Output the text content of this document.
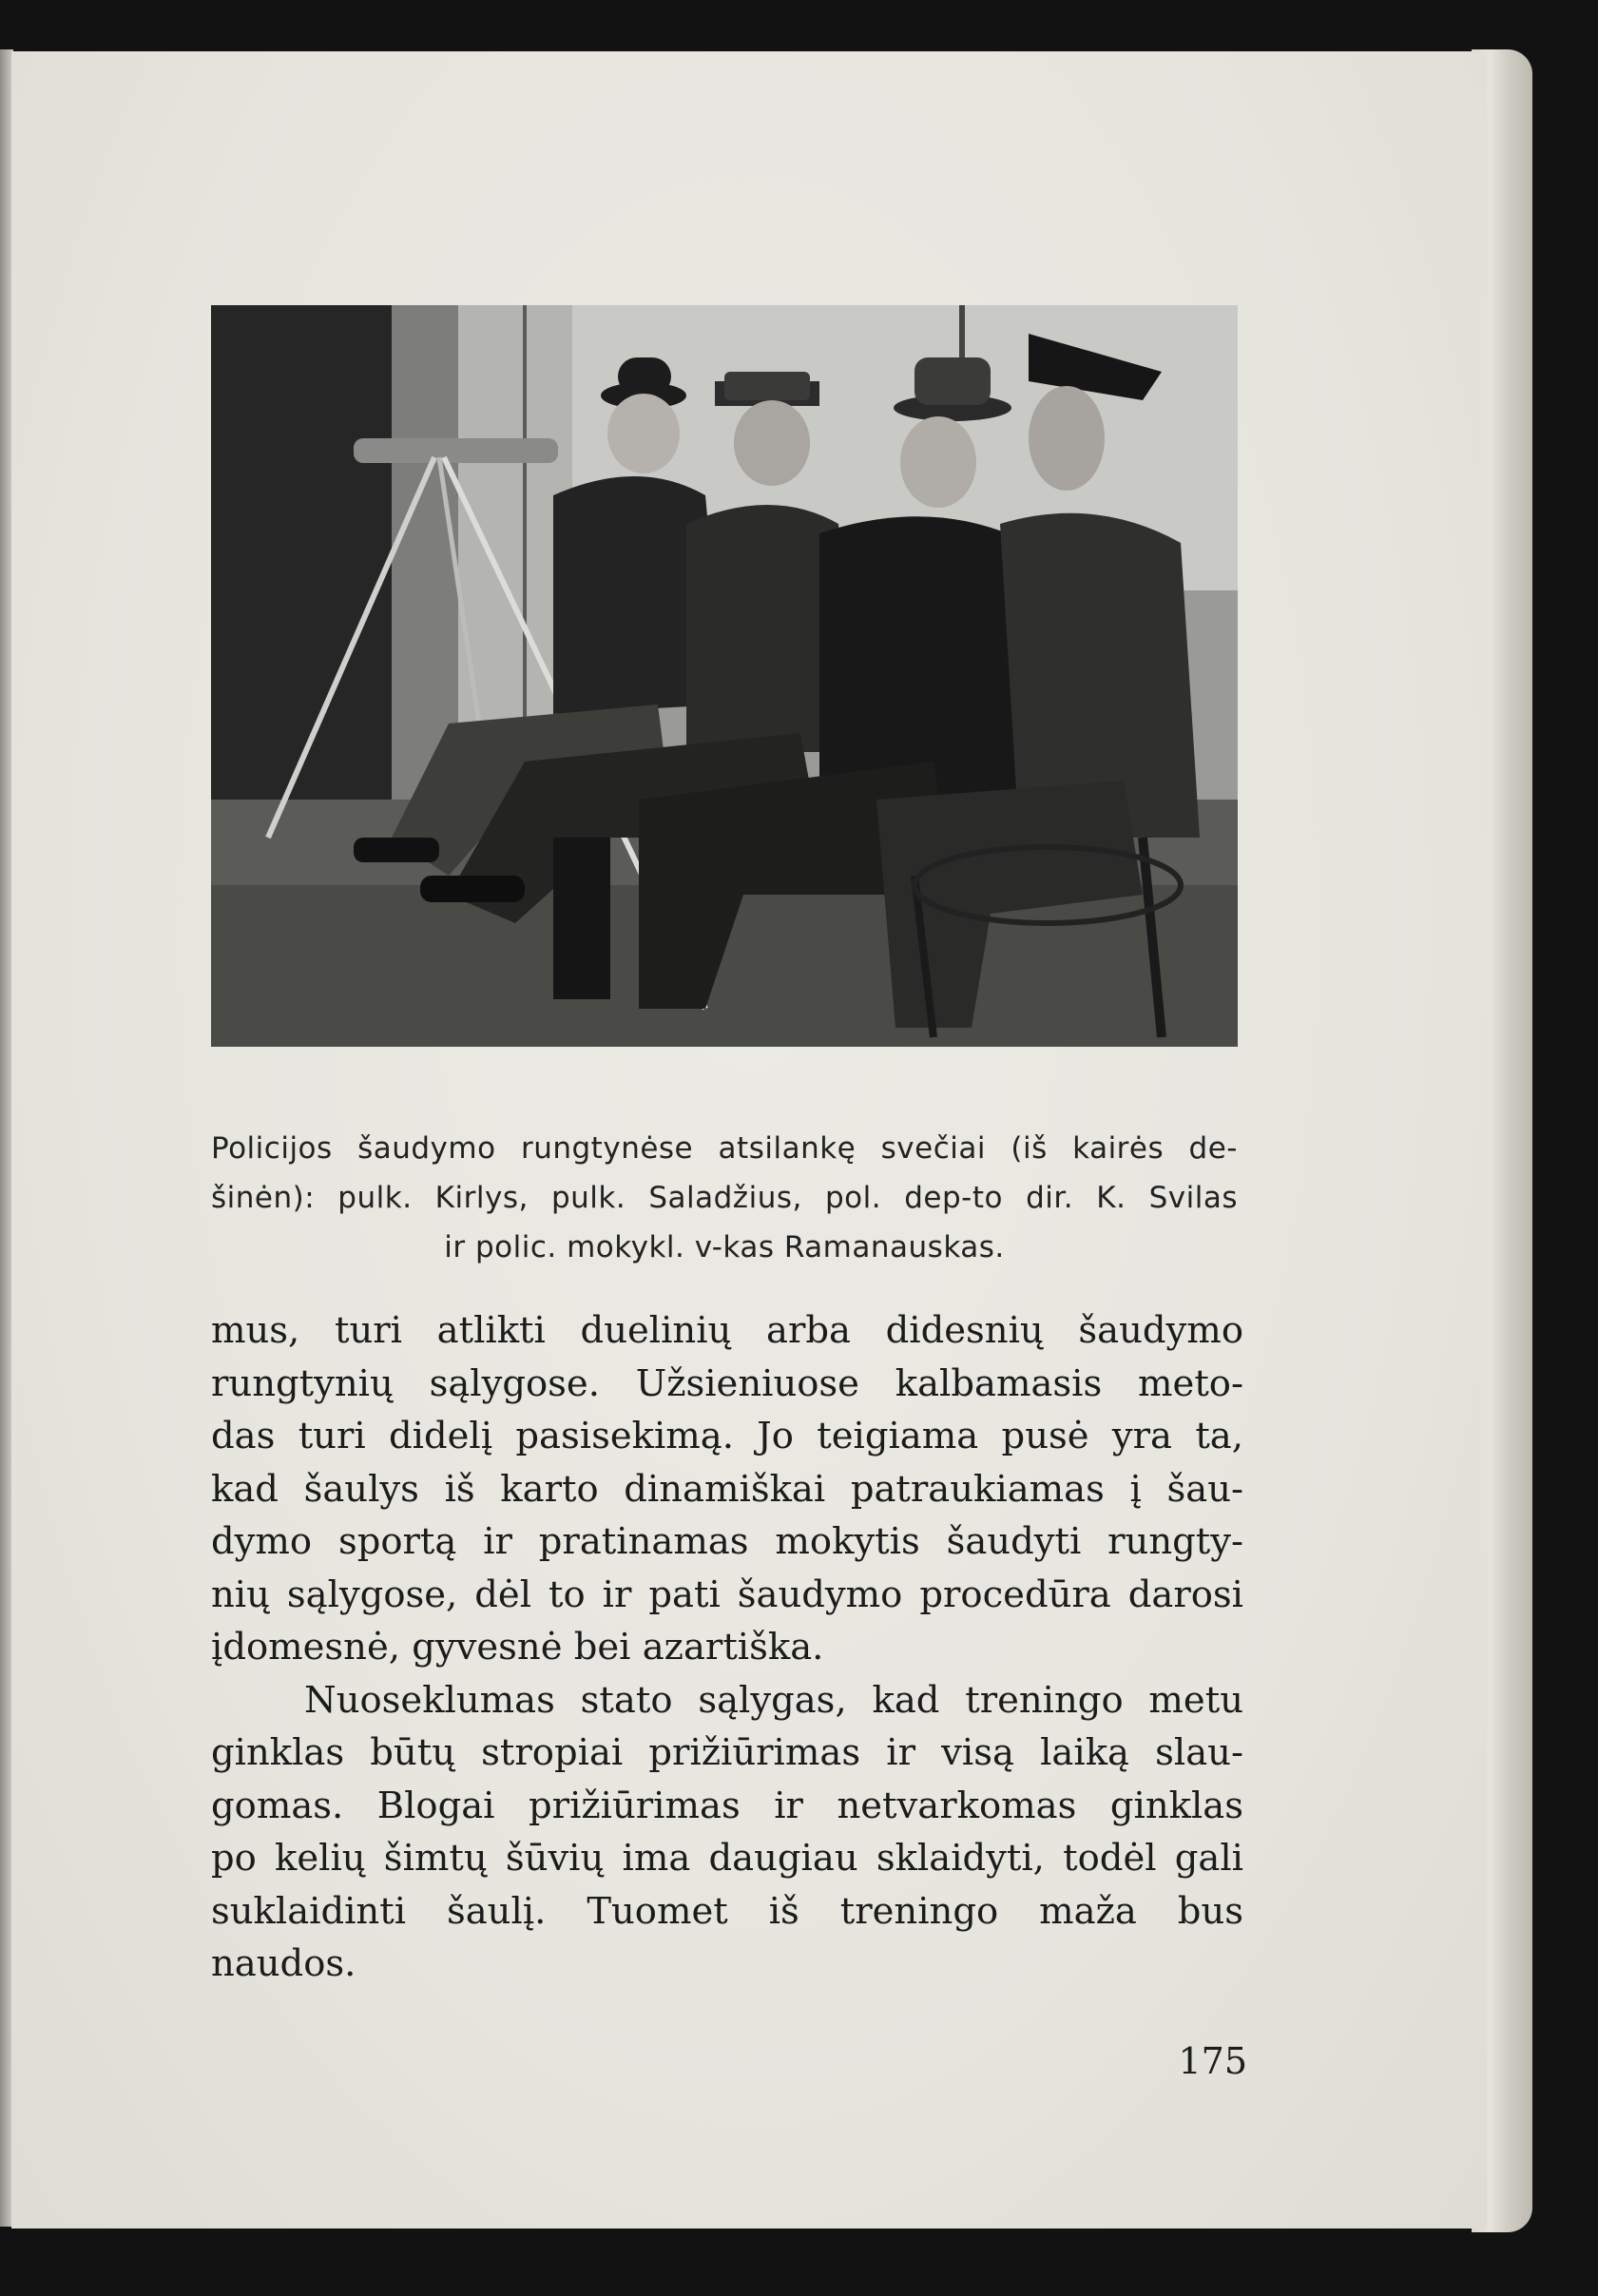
Policijos šaudymo rungtynėse atsilankę svečiai (iš kairės de-
šinėn): pulk. Kirlys, pulk. Saladžius, pol. dep-to dir. K. Svilas
ir polic. mokykl. v-kas Ramanauskas.

mus, turi atlikti duelinių arba didesnių šaudymo
rungtynių sąlygose. Užsieniuose kalbamasis meto-
das turi didelį pasisekimą. Jo teigiama pusė yra ta,
kad šaulys iš karto dinamiškai patraukiamas į šau-
dymo sportą ir pratinamas mokytis šaudyti rungty-
nių sąlygose, dėl to ir pati šaudymo procedūra darosi
įdomesnė, gyvesnė bei azartiška.

Nuoseklumas stato sąlygas, kad treningo metu
ginklas būtų stropiai prižiūrimas ir visą laiką slau-
gomas. Blogai prižiūrimas ir netvarkomas ginklas
po kelių šimtų šūvių ima daugiau sklaidyti, todėl gali
suklaidinti šaulį. Tuomet iš treningo maža bus
naudos.

175
